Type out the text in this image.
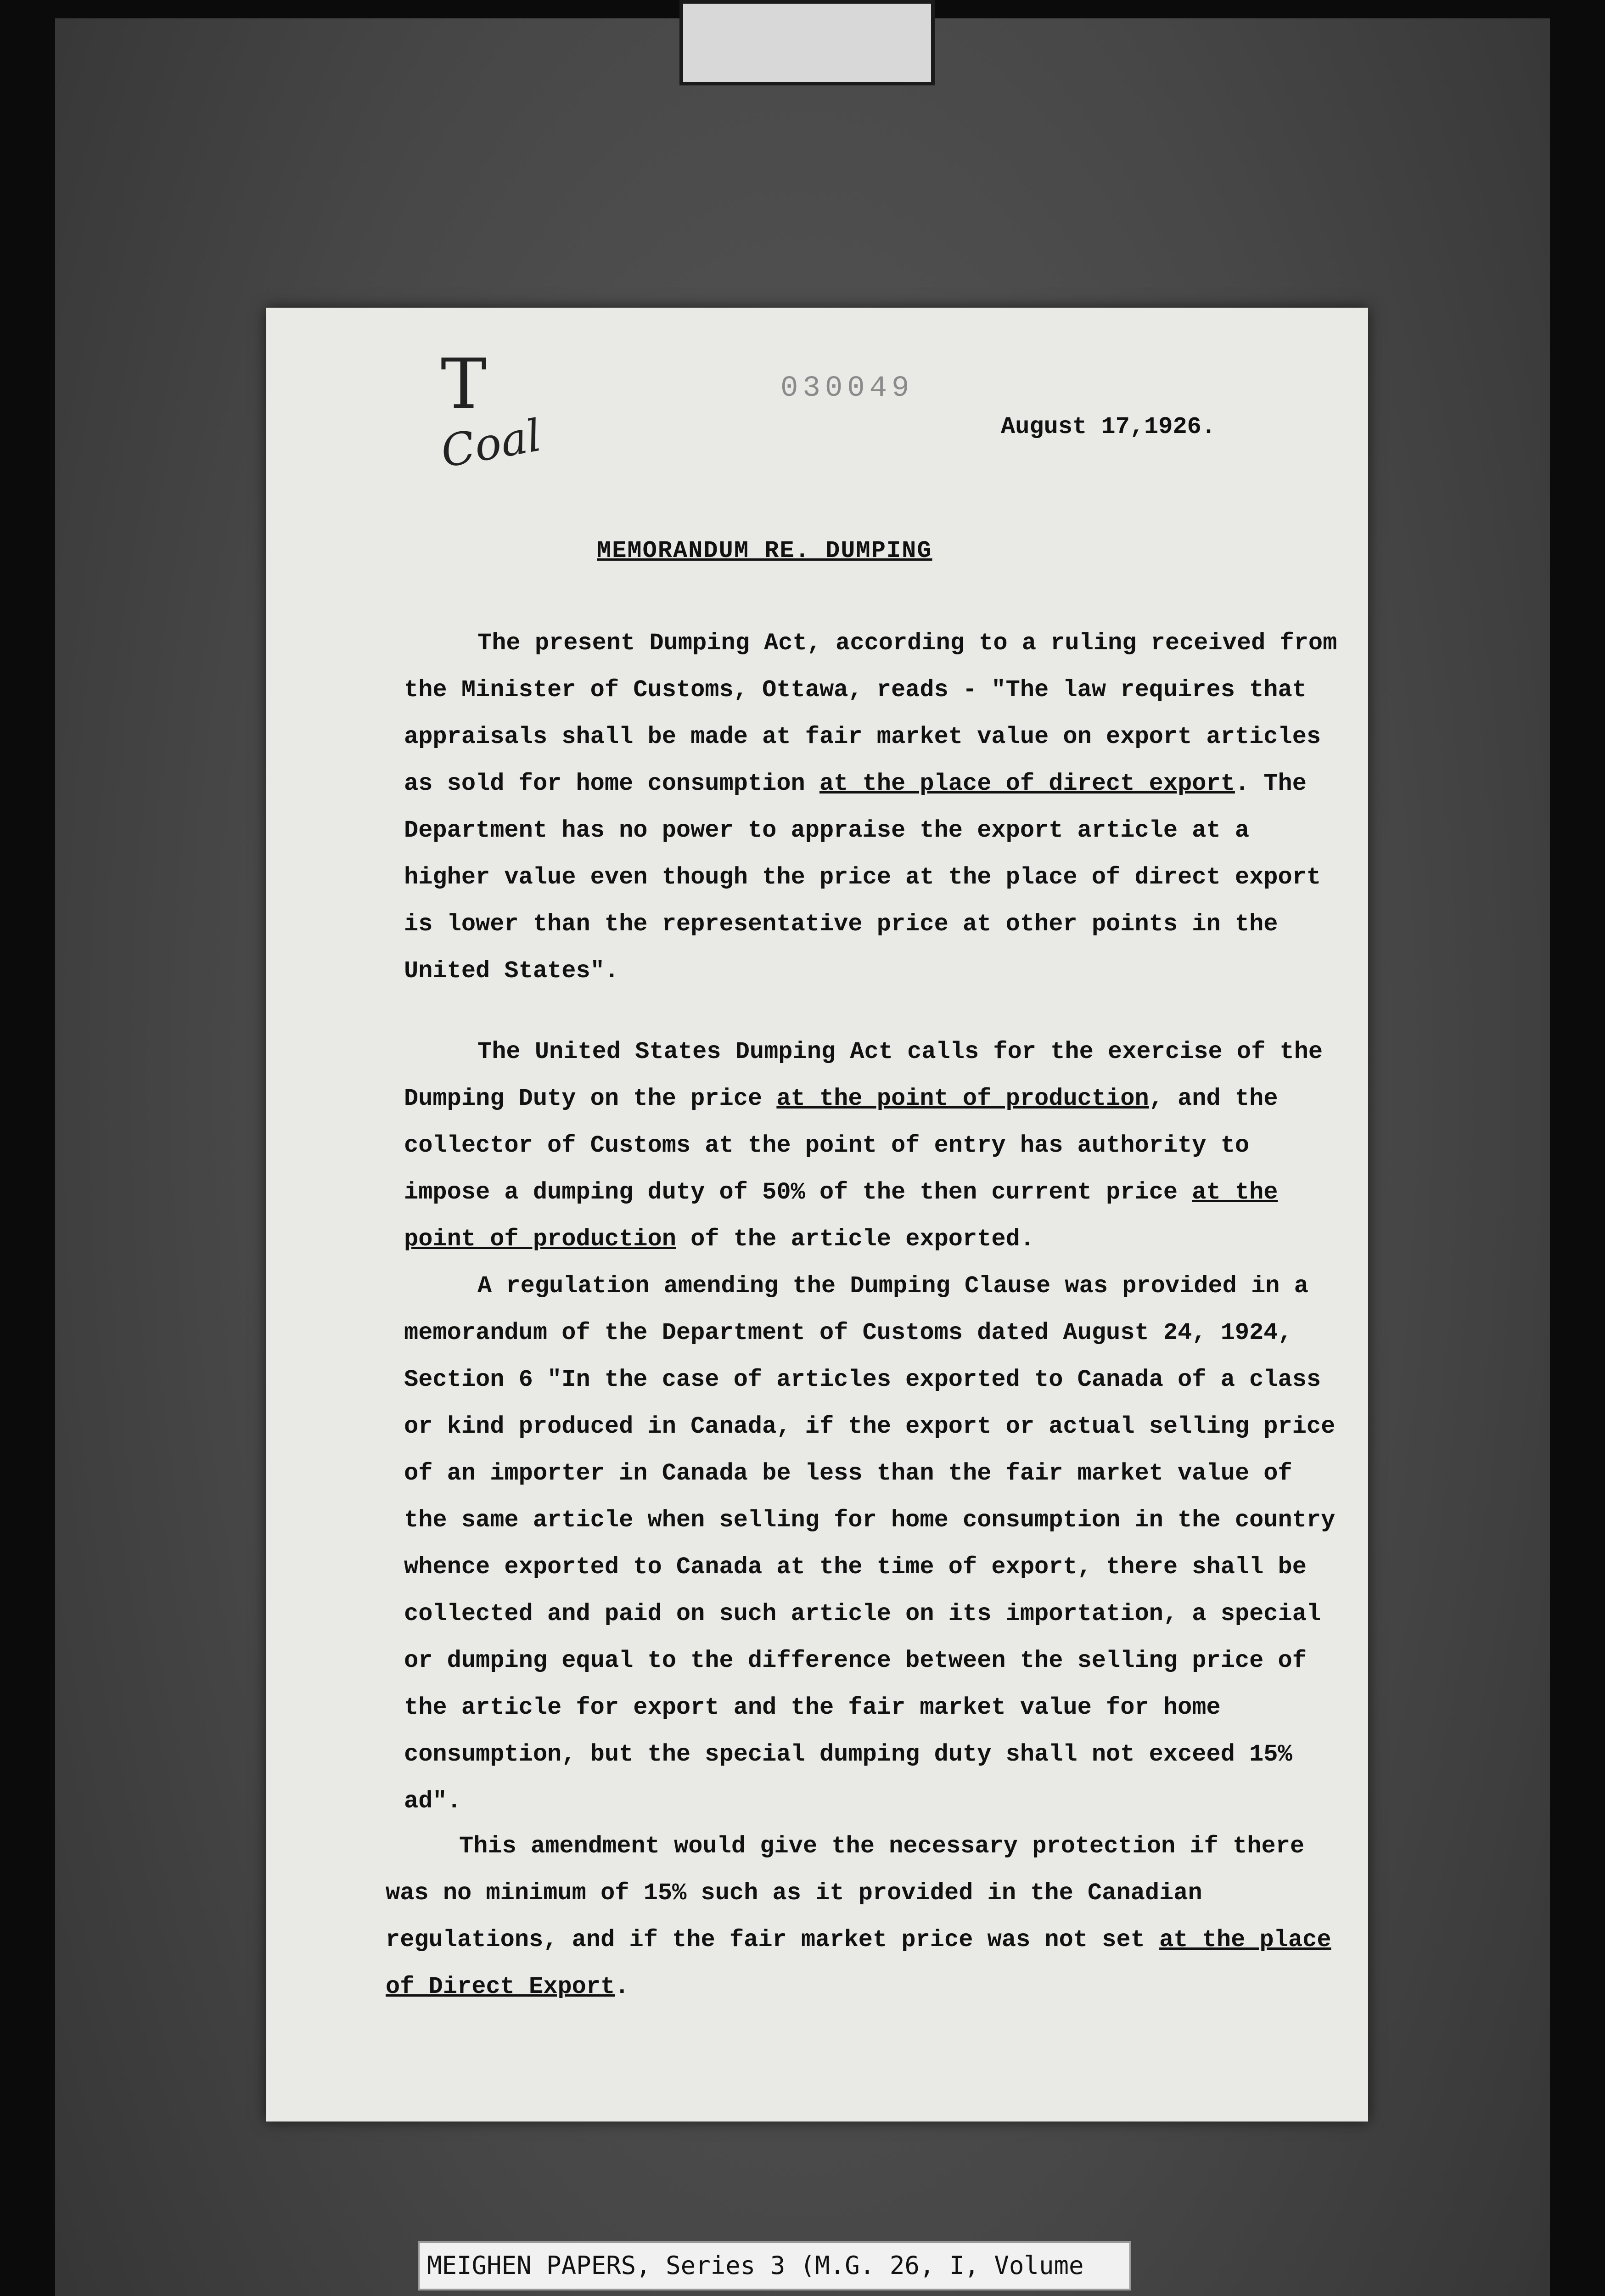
030049
T
Coal	August 17,1926.
MEMORANDUM RE. DUMPING

The present Dumping Act, according to a ruling received from the Minister of Customs, Ottawa, reads - "The law requires that appraisals shall be made at fair market value on export articles as sold for home consumption at the place of direct export. The Department has no power to appraise the export article at a higher value even though the price at the place of direct export is lower than the representative price at other points in the United States".

The United States Dumping Act calls for the exercise of the Dumping Duty on the price at the point of production, and the collector of Customs at the point of entry has authority to impose a dumping duty of 50% of the then current price at the point of production of the article exported.

A regulation amending the Dumping Clause was provided in a memorandum of the Department of Customs dated August 24, 1924, Section 6 "In the case of articles exported to Canada of a class or kind produced in Canada, if the export or actual selling price of an importer in Canada be less than the fair market value of the same article when selling for home consumption in the country whence exported to Canada at the time of export, there shall be collected and paid on such article on its importation, a special or dumping equal to the difference between the selling price of the article for export and the fair market value for home consumption, but the special dumping duty shall not exceed 15% ad".

This amendment would give the necessary protection if there was no minimum of 15% such as it provided in the Canadian regulations, and if the fair market price was not set at the place of Direct Export.

MEIGHEN PAPERS, Series 3 (M.G. 26, I, Volume
